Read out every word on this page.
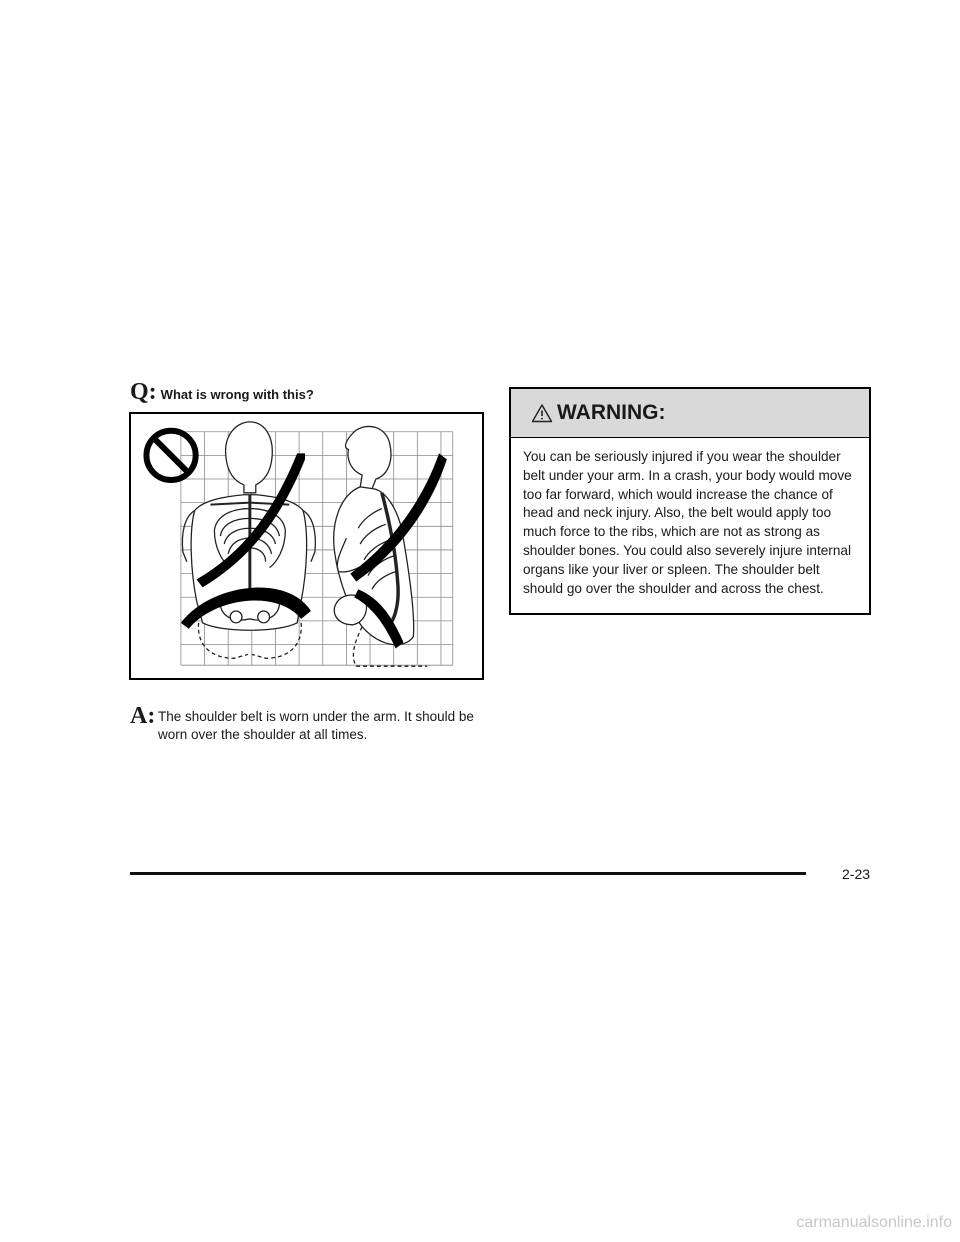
Q: What is wrong with this?
A: The shoulder belt is worn under the arm. It should be worn over the shoulder at all times.
WARNING:
You can be seriously injured if you wear the shoulder belt under your arm. In a crash, your body would move too far forward, which would increase the chance of head and neck injury. Also, the belt would apply too much force to the ribs, which are not as strong as shoulder bones. You could also severely injure internal organs like your liver or spleen. The shoulder belt should go over the shoulder and across the chest.
2-23
carmanualsonline.info
